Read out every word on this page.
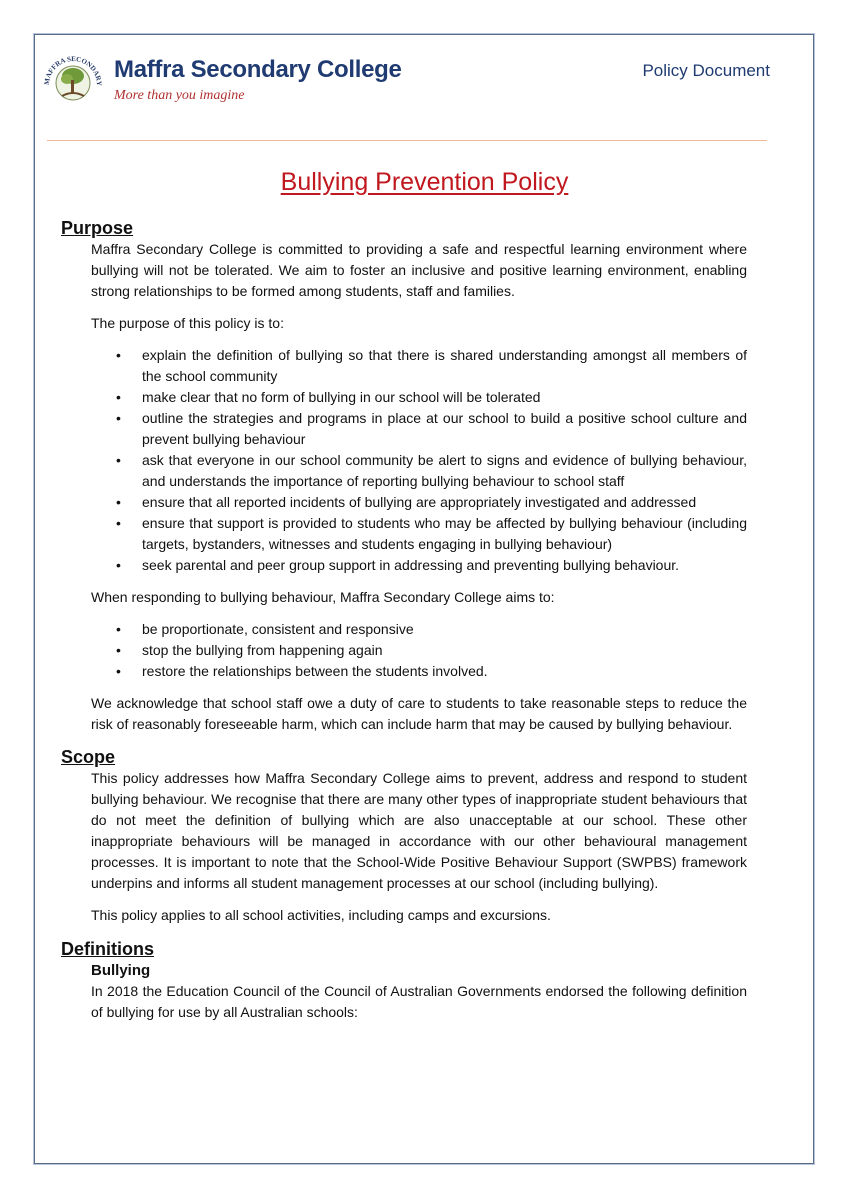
MAFFRA SECONDARY
Maffra Secondary College
More than you imagine
Policy Document
Bullying Prevention Policy
Purpose

Maffra Secondary College is committed to providing a safe and respectful learning environment where bullying will not be tolerated. We aim to foster an inclusive and positive learning environment, enabling strong relationships to be formed among students, staff and families.

The purpose of this policy is to:

• explain the definition of bullying so that there is shared understanding amongst all members of the school community
• make clear that no form of bullying in our school will be tolerated
• outline the strategies and programs in place at our school to build a positive school culture and prevent bullying behaviour
• ask that everyone in our school community be alert to signs and evidence of bullying behaviour, and understands the importance of reporting bullying behaviour to school staff
• ensure that all reported incidents of bullying are appropriately investigated and addressed
• ensure that support is provided to students who may be affected by bullying behaviour (including targets, bystanders, witnesses and students engaging in bullying behaviour)
• seek parental and peer group support in addressing and preventing bullying behaviour.

When responding to bullying behaviour, Maffra Secondary College aims to:

• be proportionate, consistent and responsive
• stop the bullying from happening again
• restore the relationships between the students involved.

We acknowledge that school staff owe a duty of care to students to take reasonable steps to reduce the risk of reasonably foreseeable harm, which can include harm that may be caused by bullying behaviour.

Scope

This policy addresses how Maffra Secondary College aims to prevent, address and respond to student bullying behaviour. We recognise that there are many other types of inappropriate student behaviours that do not meet the definition of bullying which are also unacceptable at our school. These other inappropriate behaviours will be managed in accordance with our other behavioural management processes. It is important to note that the School-Wide Positive Behaviour Support (SWPBS) framework underpins and informs all student management processes at our school (including bullying).

This policy applies to all school activities, including camps and excursions.

Definitions
Bullying

In 2018 the Education Council of the Council of Australian Governments endorsed the following definition of bullying for use by all Australian schools:
